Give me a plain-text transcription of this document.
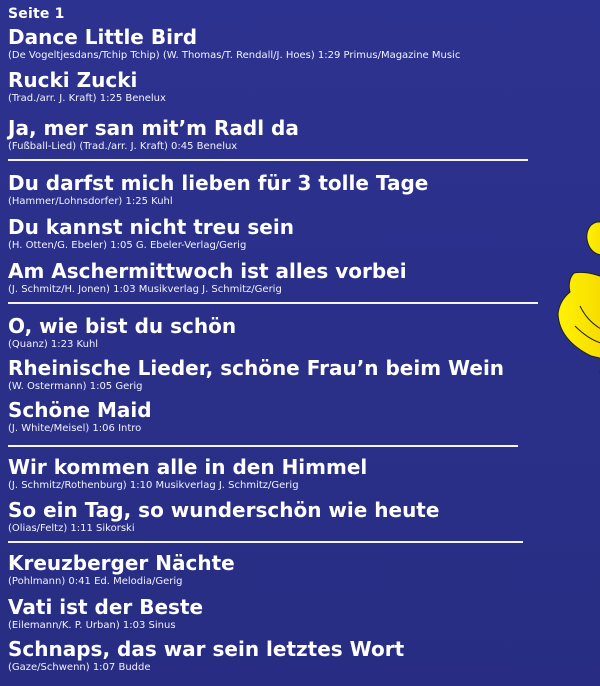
Seite 1
Dance Little Bird
(De Vogeltjesdans/Tchip Tchip) (W. Thomas/T. Rendall/J. Hoes) 1:29 Primus/Magazine Music
Rucki Zucki
(Trad./arr. J. Kraft) 1:25 Benelux
Ja, mer san mit’m Radl da
(Fußball-Lied) (Trad./arr. J. Kraft) 0:45 Benelux
Du darfst mich lieben für 3 tolle Tage
(Hammer/Lohnsdorfer) 1:25 Kuhl
Du kannst nicht treu sein
(H. Otten/G. Ebeler) 1:05 G. Ebeler-Verlag/Gerig
Am Aschermittwoch ist alles vorbei
(J. Schmitz/H. Jonen) 1:03 Musikverlag J. Schmitz/Gerig
O, wie bist du schön
(Quanz) 1:23 Kuhl
Rheinische Lieder, schöne Frau’n beim Wein
(W. Ostermann) 1:05 Gerig
Schöne Maid
(J. White/Meisel) 1:06 Intro
Wir kommen alle in den Himmel
(J. Schmitz/Rothenburg) 1:10 Musikverlag J. Schmitz/Gerig
So ein Tag, so wunderschön wie heute
(Olias/Feltz) 1:11 Sikorski
Kreuzberger Nächte
(Pohlmann) 0:41 Ed. Melodia/Gerig
Vati ist der Beste
(Eilemann/K. P. Urban) 1:03 Sinus
Schnaps, das war sein letztes Wort
(Gaze/Schwenn) 1:07 Budde
